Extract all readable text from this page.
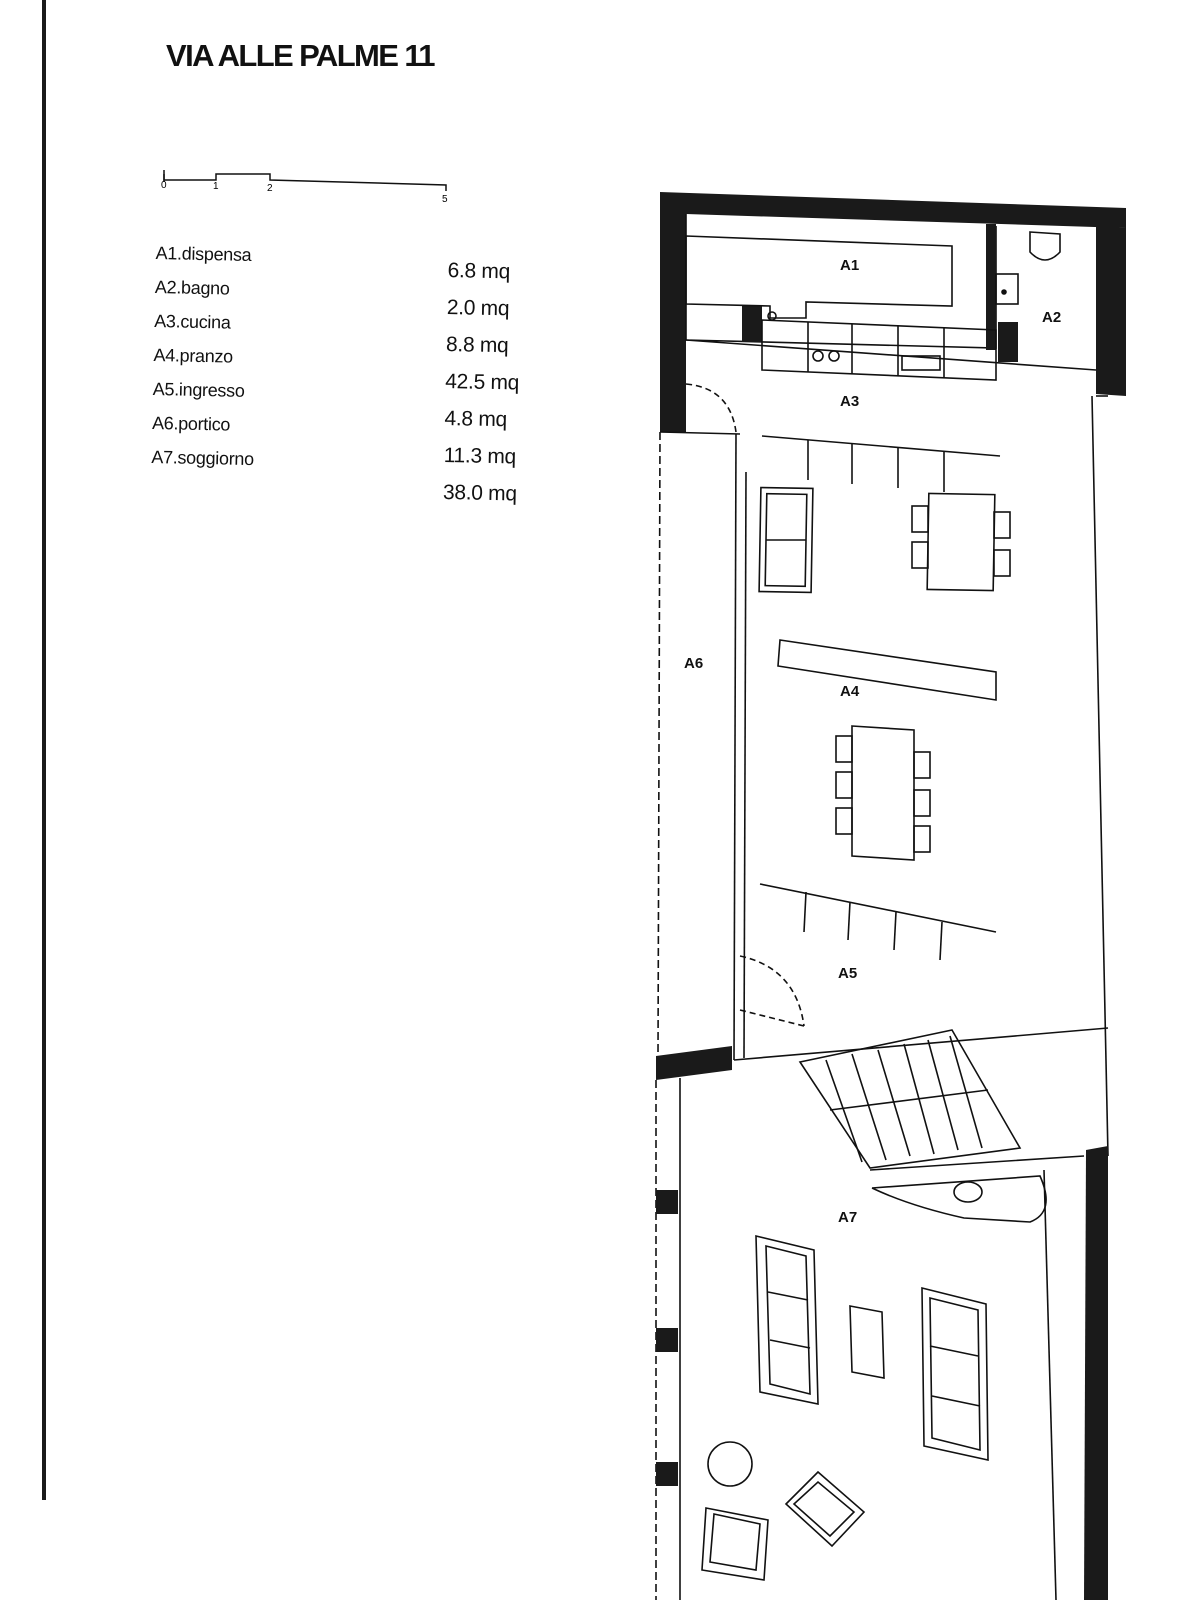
VIA ALLE PALME 11
0	1	2
5
A1.dispensa
A2.bagno
A3.cucina
A4.pranzo
A5.ingresso
A6.portico
A7.soggiorno
6.8 mq
2.0 mq
8.8 mq
42.5 mq
4.8 mq
11.3 mq
38.0 mq
A1
A2
A3
A4
A5
A6
A7
